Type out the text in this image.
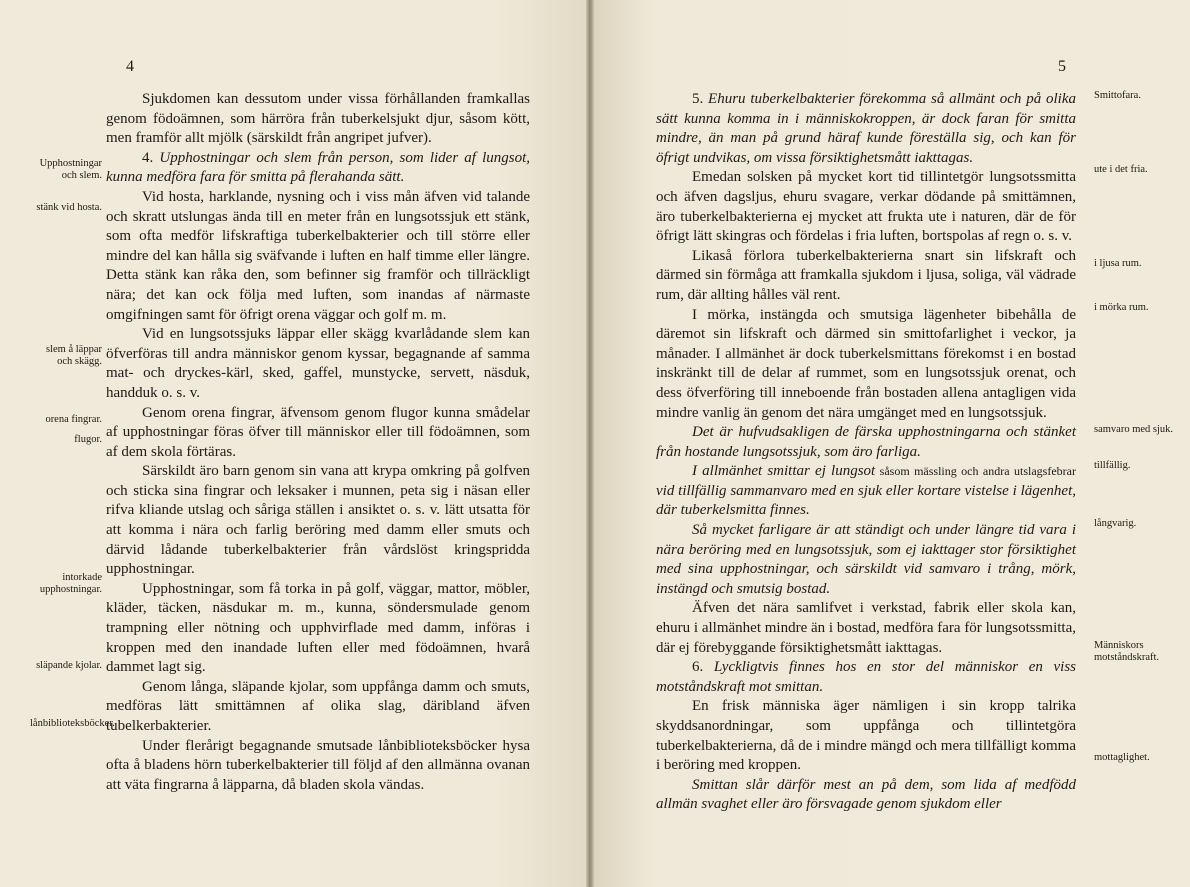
4
Upphostningar och slem.
stänk vid hosta.
slem å läppar och skägg.
orena fingrar.
flugor.
intorkade upphostningar.
släpande kjolar.
lånbiblioteksböcker.

Sjukdomen kan dessutom under vissa förhållanden framkallas genom födoämnen, som härröra från tuberkelsjukt djur, såsom kött, men framför allt mjölk (särskildt från angripet jufver).

4. Upphostningar och slem från person, som lider af lungsot, kunna medföra fara för smitta på flerahanda sätt.

Vid hosta, harklande, nysning och i viss mån äfven vid talande och skratt utslungas ända till en meter från en lungsotssjuk ett stänk, som ofta medför lifskraftiga tuberkelbakterier och till större eller mindre del kan hålla sig sväfvande i luften en half timme eller längre. Detta stänk kan råka den, som befinner sig framför och tillräckligt nära; det kan ock följa med luften, som inandas af närmaste omgifningen samt för öfrigt orena väggar och golf m. m.

Vid en lungsotssjuks läppar eller skägg kvarlådande slem kan öfverföras till andra människor genom kyssar, begagnande af samma mat- och dryckes-kärl, sked, gaffel, munstycke, servett, näsduk, handduk o. s. v.

Genom orena fingrar, äfvensom genom flugor kunna smådelar af upphostningar föras öfver till människor eller till födoämnen, som af dem skola förtäras.

Särskildt äro barn genom sin vana att krypa omkring på golfven och sticka sina fingrar och leksaker i munnen, peta sig i näsan eller rifva kliande utslag och såriga ställen i ansiktet o. s. v. lätt utsatta för att komma i nära och farlig beröring med damm eller smuts och därvid lådande tuberkelbakterier från vårdslöst kringspridda upphostningar.

Upphostningar, som få torka in på golf, väggar, mattor, möbler, kläder, täcken, näsdukar m. m., kunna, söndersmulade genom trampning eller nötning och upphvirflade med damm, införas i kroppen med den inandade luften eller med födoämnen, hvarå dammet lagt sig.

Genom långa, släpande kjolar, som uppfånga damm och smuts, medföras lätt smittämnen af olika slag, däribland äfven tubelkerbakterier.

Under flerårigt begagnande smutsade lånbiblioteksböcker hysa ofta å bladens hörn tuberkelbakterier till följd af den allmänna ovanan att väta fingrarna å läpparna, då bladen skola vändas.

5

5. Ehuru tuberkelbakterier förekomma så allmänt och på olika sätt kunna komma in i människokroppen, är dock faran för smitta mindre, än man på grund häraf kunde föreställa sig, och kan för öfrigt undvikas, om vissa försiktighetsmått iakttagas.

Emedan solsken på mycket kort tid tillintetgör lungsotssmitta och äfven dagsljus, ehuru svagare, verkar dödande på smittämnen, äro tuberkelbakterierna ej mycket att frukta ute i naturen, där de för öfrigt lätt skingras och fördelas i fria luften, bortspolas af regn o. s. v.

Likaså förlora tuberkelbakterierna snart sin lifskraft och därmed sin förmåga att framkalla sjukdom i ljusa, soliga, väl vädrade rum, där allting hålles väl rent.

I mörka, instängda och smutsiga lägenheter bibehålla de däremot sin lifskraft och därmed sin smittofarlighet i veckor, ja månader. I allmänhet är dock tuberkelsmittans förekomst i en bostad inskränkt till de delar af rummet, som en lungsotssjuk orenat, och dess öfverföring till inneboende från bostaden allena antagligen vida mindre vanlig än genom det nära umgänget med en lungsotssjuk.

Det är hufvudsakligen de färska upphostningarna och stänket från hostande lungsotssjuk, som äro farliga.

I allmänhet smittar ej lungsot såsom mässling och andra utslagsfebrar vid tillfällig sammanvaro med en sjuk eller kortare vistelse i lägenhet, där tuberkelsmitta finnes.

Så mycket farligare är att ständigt och under längre tid vara i nära beröring med en lungsotssjuk, som ej iakttager stor försiktighet med sina upphostningar, och särskildt vid samvaro i trång, mörk, instängd och smutsig bostad.

Äfven det nära samlifvet i verkstad, fabrik eller skola kan, ehuru i allmänhet mindre än i bostad, medföra fara för lungsotssmitta, där ej förebyggande försiktighetsmått iakttagas.

6. Lyckligtvis finnes hos en stor del människor en viss motståndskraft mot smittan.

En frisk människa äger nämligen i sin kropp talrika skyddsanordningar, som uppfånga och tillintetgöra tuberkelbakterierna, då de i mindre mängd och mera tillfälligt komma i beröring med kroppen.

Smittan slår därför mest an på dem, som lida af medfödd allmän svaghet eller äro försvagade genom sjukdom eller

Smittofara.
ute i det fria.
i ljusa rum.
i mörka rum.
samvaro med sjuk.
tillfällig.
långvarig.
Människors motståndskraft.
mottaglighet.
